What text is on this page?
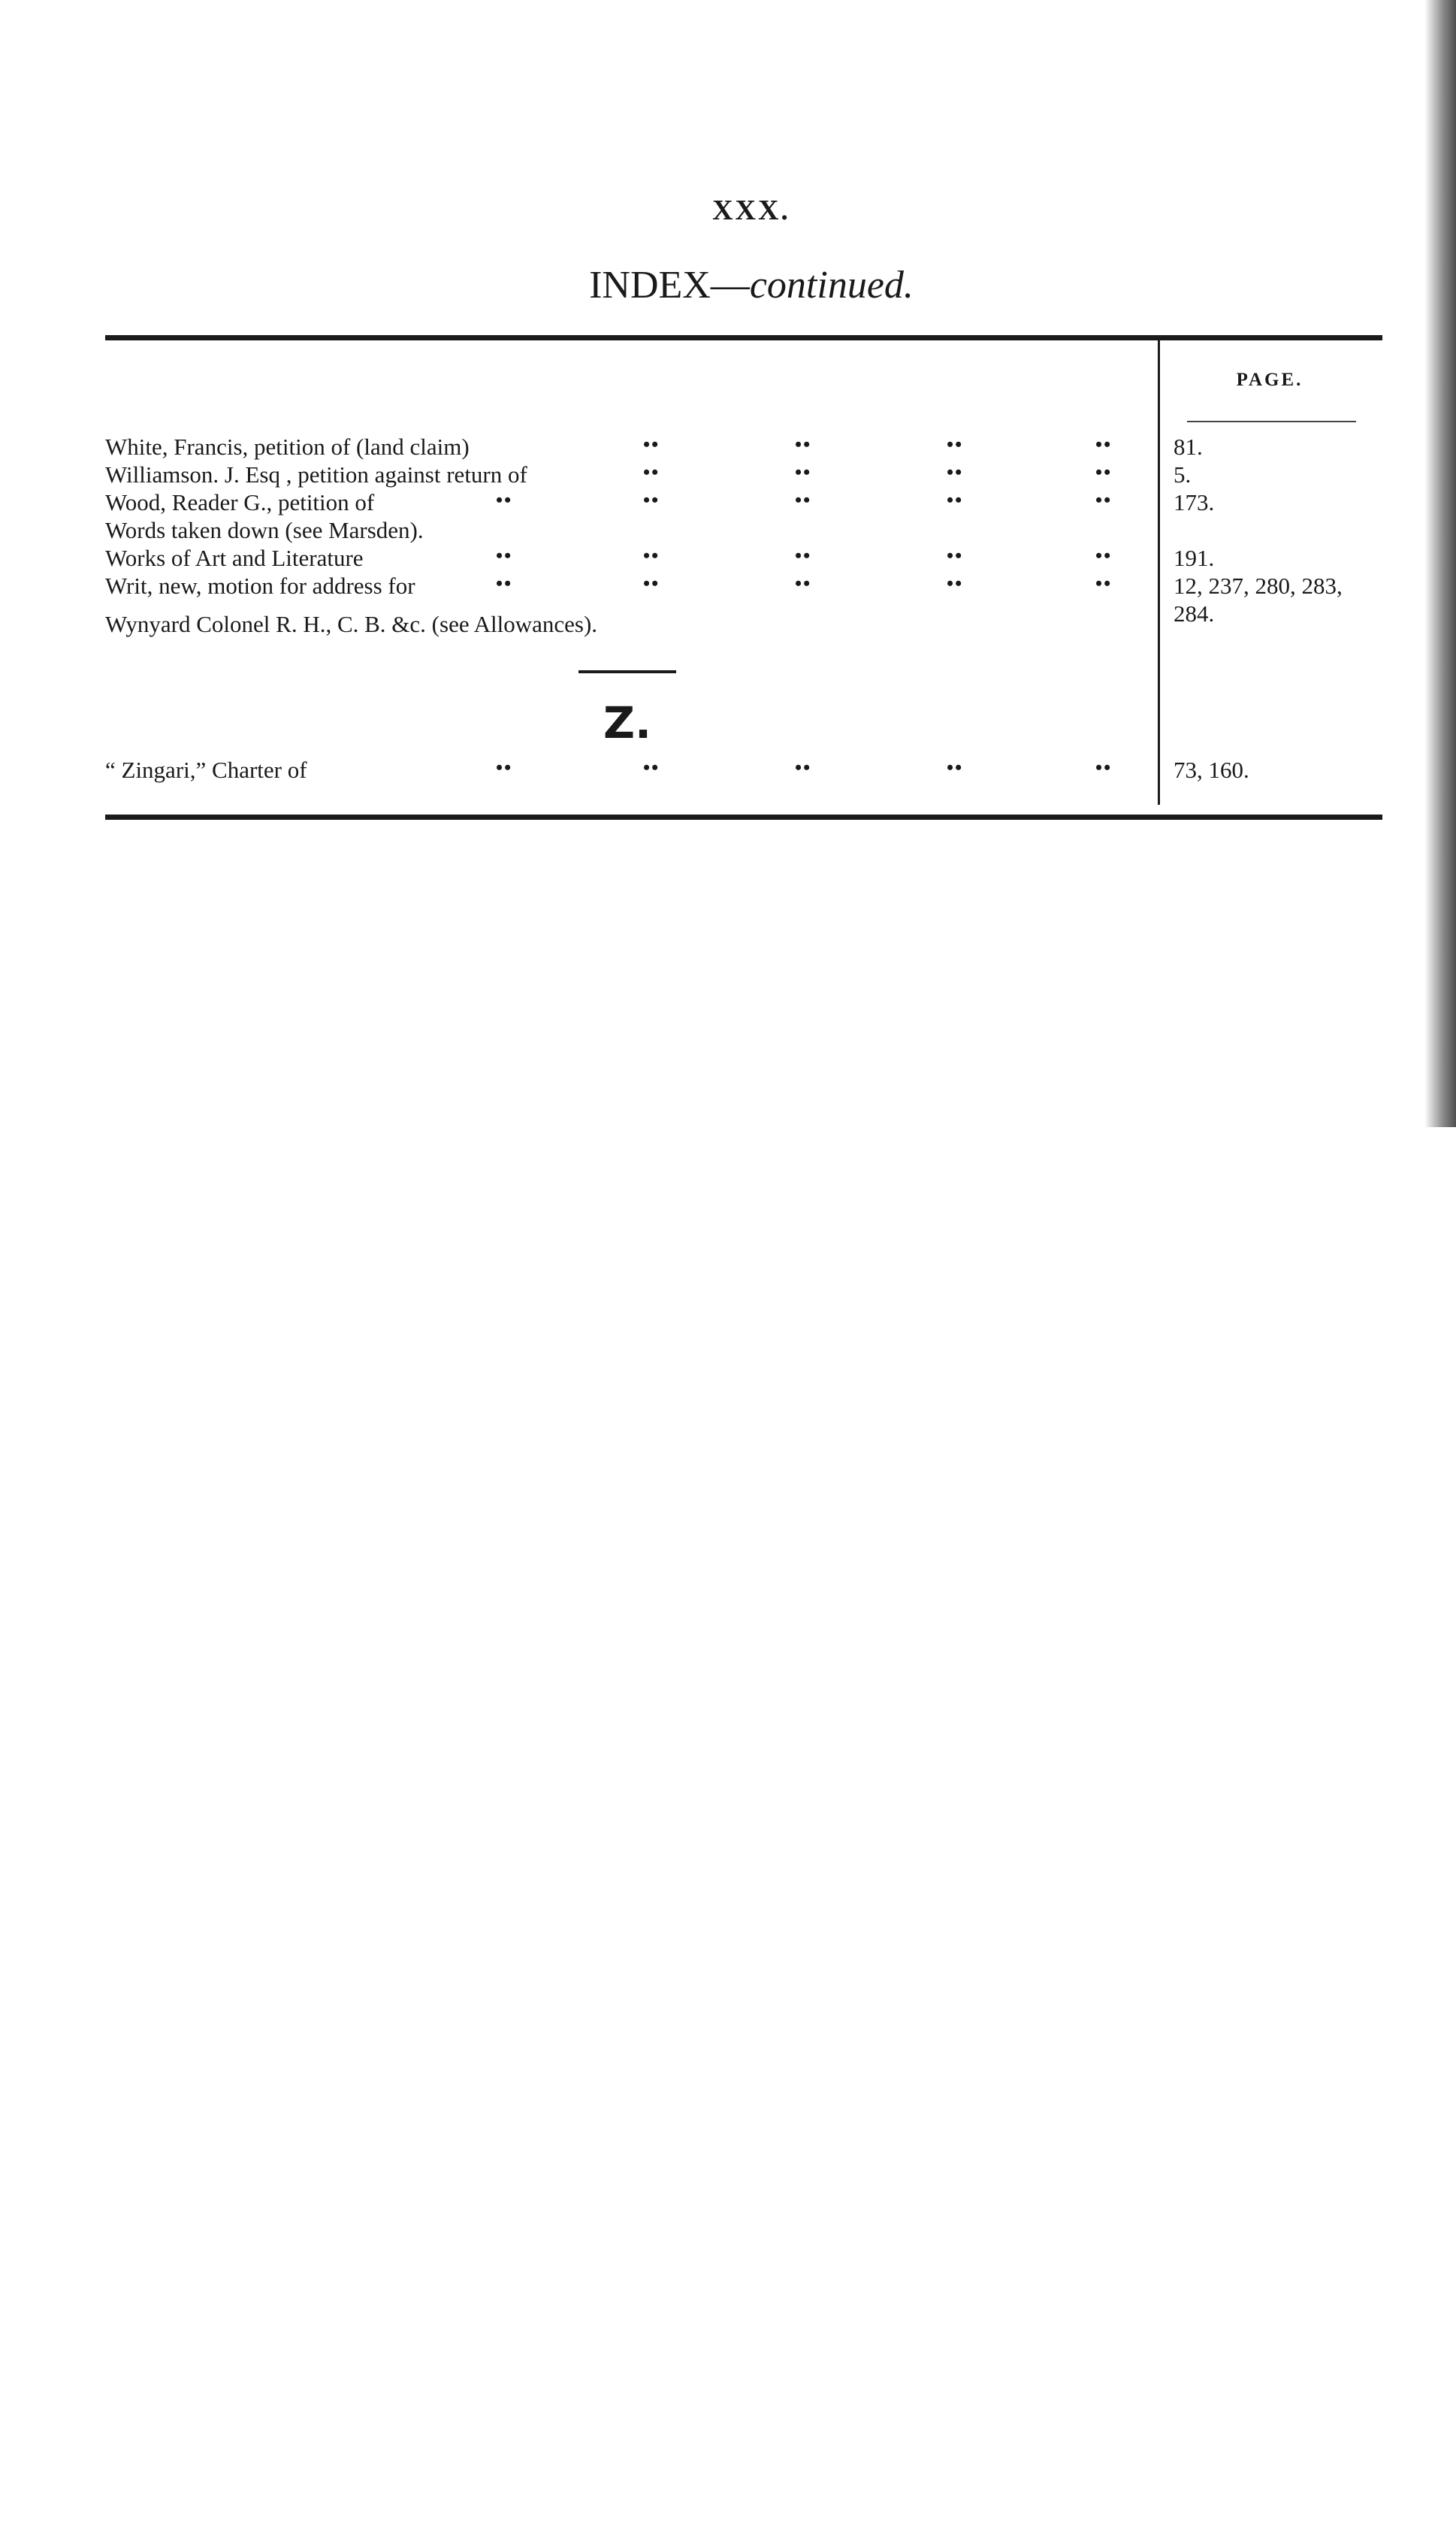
XXX.
INDEX—continued.
PAGE.
White, Francis, petition of (land claim)	••	••	••	••	81.
Williamson. J. Esq , petition against return of	••	••	••	••	5.
Wood, Reader G., petition of	••	••	••	••	••	173.
Words taken down (see Marsden).
Works of Art and Literature	••	••	••	••	••	191.
Writ, new, motion for address for	••	••	••	••	••	12, 237, 280, 283, 284.
Wynyard Colonel R. H., C. B. &c. (see Allowances).
Z.
“ Zingari,” Charter of	••	••	••	••	••	73, 160.
